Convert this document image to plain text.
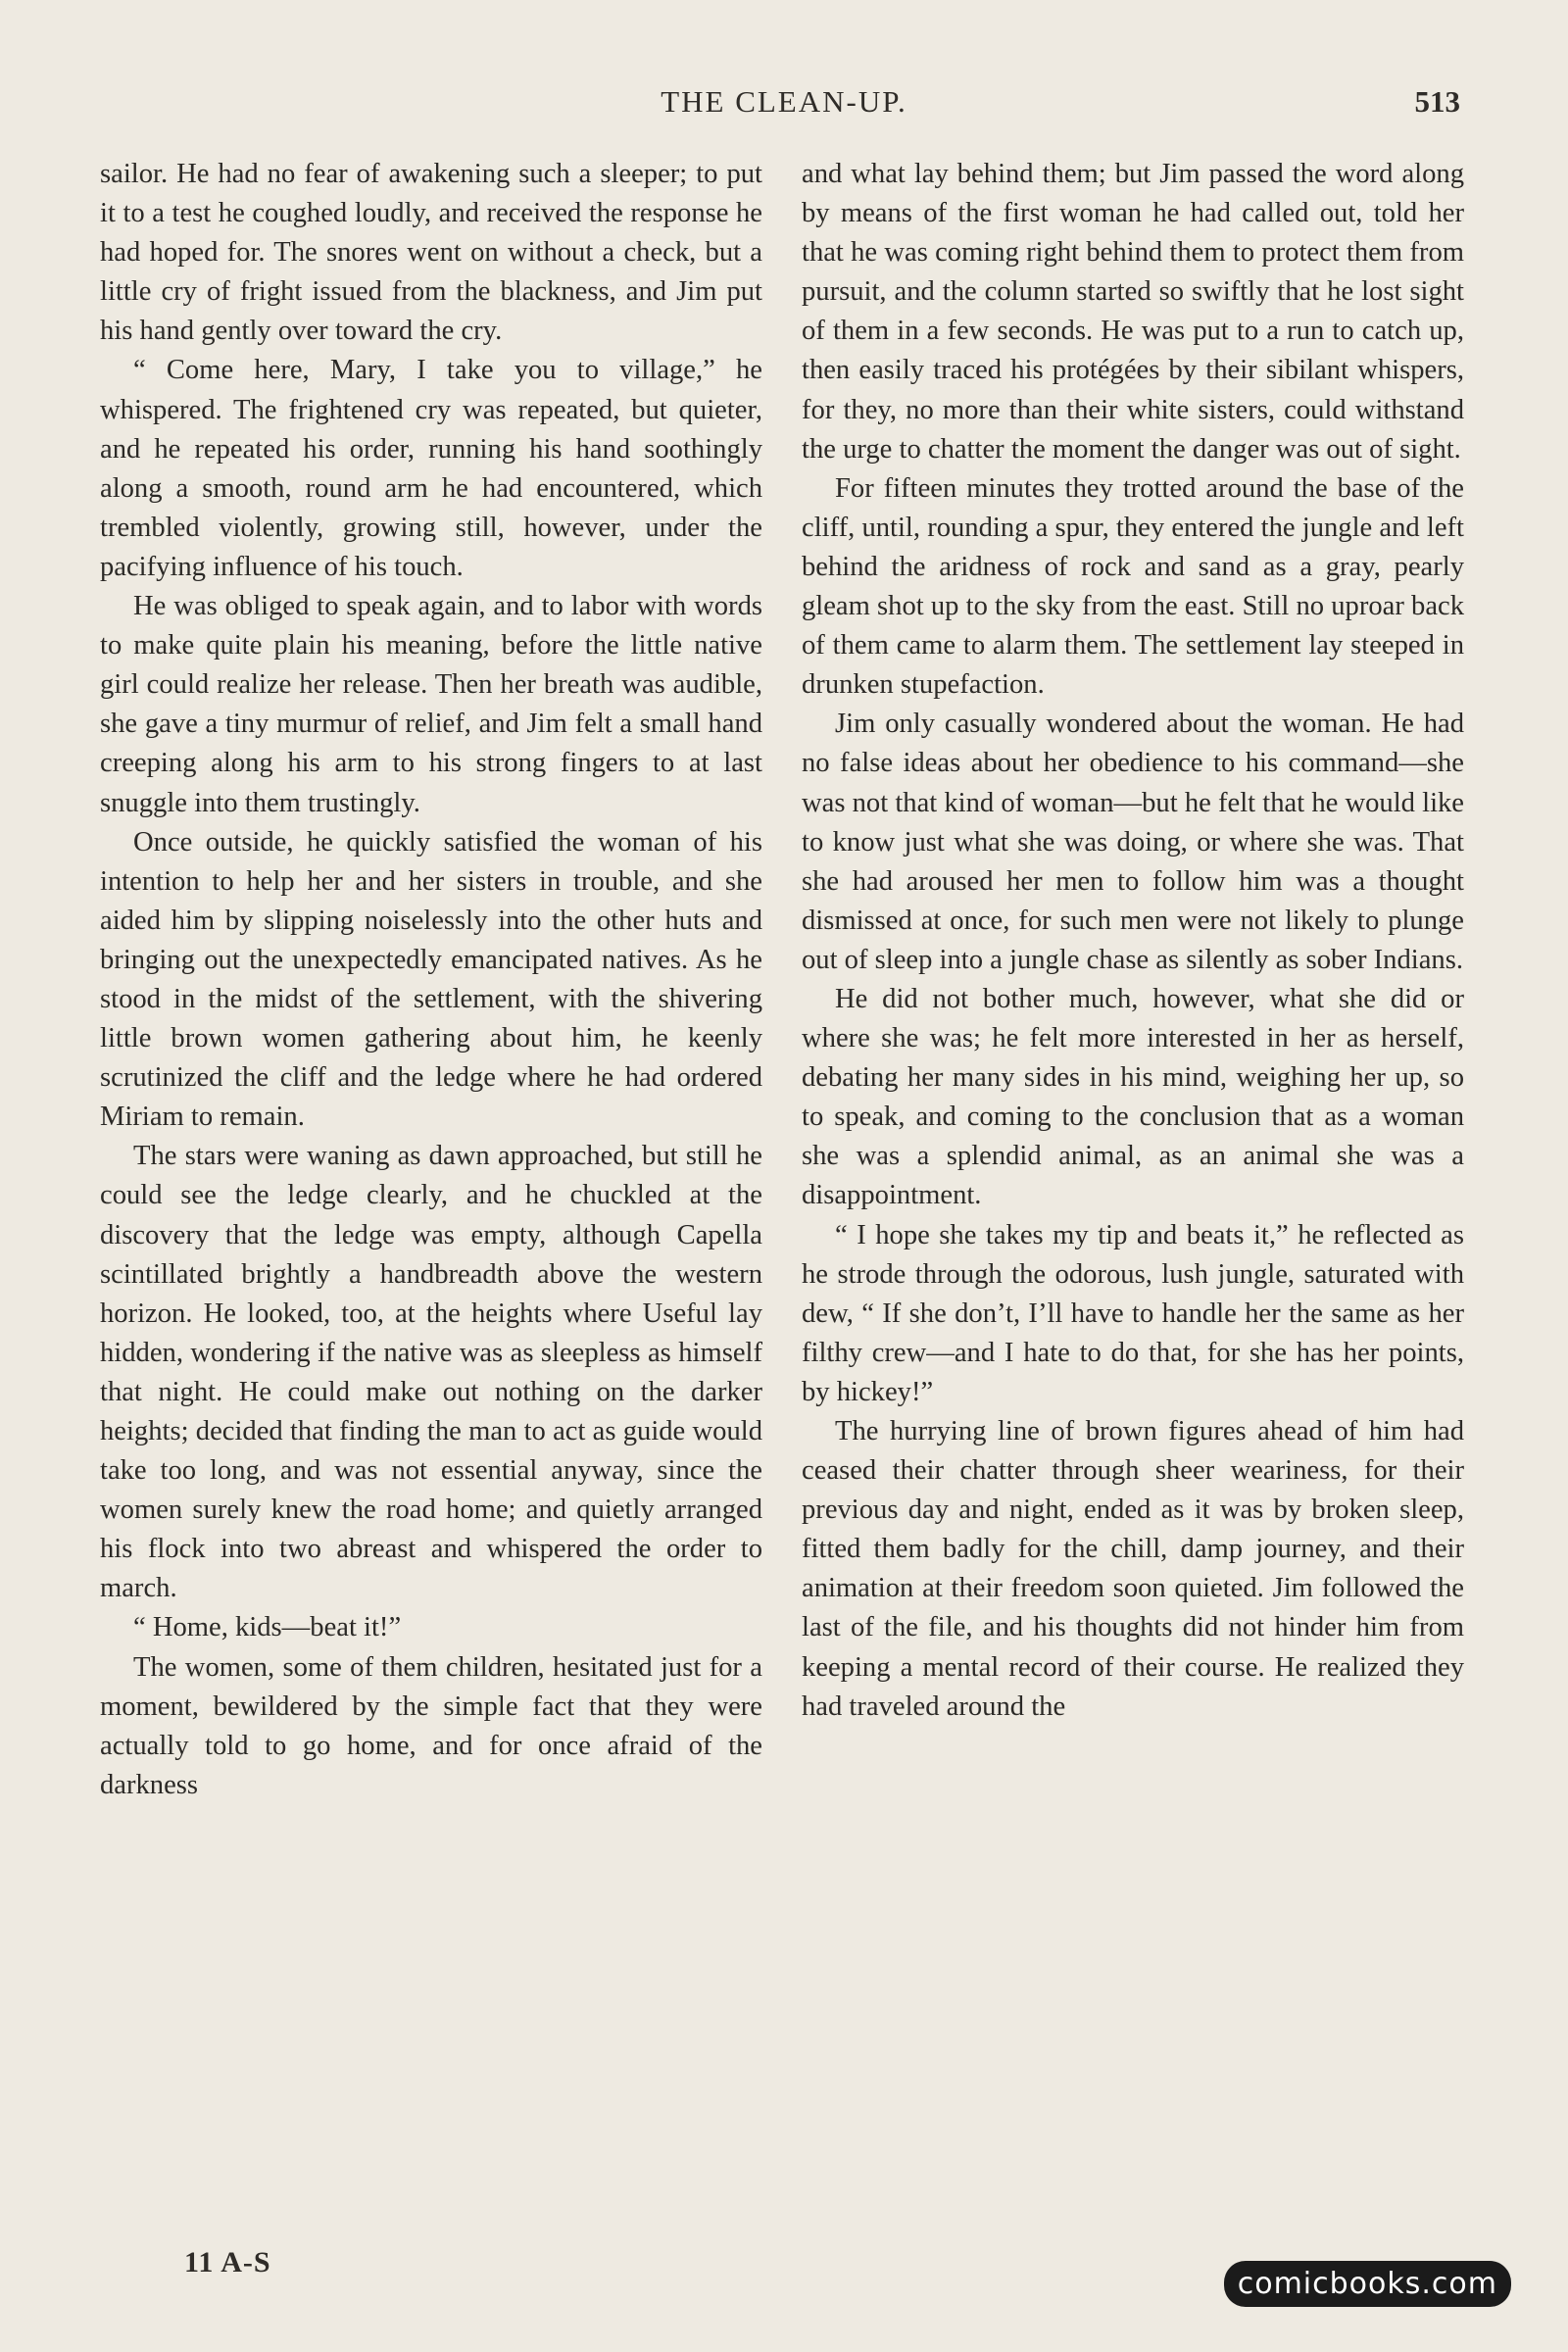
THE CLEAN-UP.	513

sailor. He had no fear of awakening such a sleeper; to put it to a test he coughed loudly, and received the response he had hoped for. The snores went on without a check, but a little cry of fright issued from the blackness, and Jim put his hand gently over toward the cry.

“ Come here, Mary, I take you to village,” he whispered. The frightened cry was repeated, but quieter, and he repeated his order, running his hand soothingly along a smooth, round arm he had encountered, which trembled violently, growing still, however, under the pacifying influence of his touch.

He was obliged to speak again, and to labor with words to make quite plain his meaning, before the little native girl could realize her release. Then her breath was audible, she gave a tiny murmur of relief, and Jim felt a small hand creeping along his arm to his strong fingers to at last snuggle into them trustingly.

Once outside, he quickly satisfied the woman of his intention to help her and her sisters in trouble, and she aided him by slipping noiselessly into the other huts and bringing out the unexpectedly emancipated natives. As he stood in the midst of the settlement, with the shivering little brown women gathering about him, he keenly scrutinized the cliff and the ledge where he had ordered Miriam to remain.

The stars were waning as dawn approached, but still he could see the ledge clearly, and he chuckled at the discovery that the ledge was empty, although Capella scintillated brightly a handbreadth above the western horizon. He looked, too, at the heights where Useful lay hidden, wondering if the native was as sleepless as himself that night. He could make out nothing on the darker heights; decided that finding the man to act as guide would take too long, and was not essential anyway, since the women surely knew the road home; and quietly arranged his flock into two abreast and whispered the order to march.

“ Home, kids—beat it!”

The women, some of them children, hesitated just for a moment, bewildered by the simple fact that they were actually told to go home, and for once afraid of the darkness

and what lay behind them; but Jim passed the word along by means of the first woman he had called out, told her that he was coming right behind them to protect them from pursuit, and the column started so swiftly that he lost sight of them in a few seconds. He was put to a run to catch up, then easily traced his protégées by their sibilant whispers, for they, no more than their white sisters, could withstand the urge to chatter the moment the danger was out of sight.

For fifteen minutes they trotted around the base of the cliff, until, rounding a spur, they entered the jungle and left behind the aridness of rock and sand as a gray, pearly gleam shot up to the sky from the east. Still no uproar back of them came to alarm them. The settlement lay steeped in drunken stupefaction.

Jim only casually wondered about the woman. He had no false ideas about her obedience to his command—she was not that kind of woman—but he felt that he would like to know just what she was doing, or where she was. That she had aroused her men to follow him was a thought dismissed at once, for such men were not likely to plunge out of sleep into a jungle chase as silently as sober Indians.

He did not bother much, however, what she did or where she was; he felt more interested in her as herself, debating her many sides in his mind, weighing her up, so to speak, and coming to the conclusion that as a woman she was a splendid animal, as an animal she was a disappointment.

“ I hope she takes my tip and beats it,” he reflected as he strode through the odorous, lush jungle, saturated with dew, “ If she don’t, I’ll have to handle her the same as her filthy crew—and I hate to do that, for she has her points, by hickey!”

The hurrying line of brown figures ahead of him had ceased their chatter through sheer weariness, for their previous day and night, ended as it was by broken sleep, fitted them badly for the chill, damp journey, and their animation at their freedom soon quieted. Jim followed the last of the file, and his thoughts did not hinder him from keeping a mental record of their course. He realized they had traveled around the

11 A-S
comicbooks.com
